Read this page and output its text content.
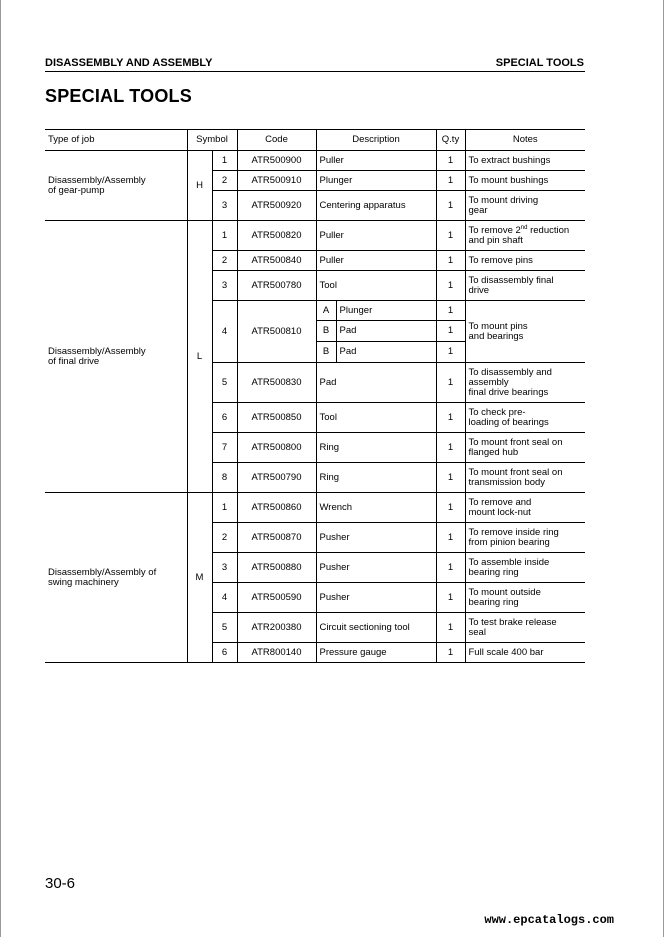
DISASSEMBLY AND ASSEMBLY	SPECIAL TOOLS
SPECIAL TOOLS
Type of job	Symbol		Code	Description		Q.ty	Notes
Disassembly/Assembly
of gear-pump	H	1	ATR500900	Puller		1	To extract bushings
		2	ATR500910	Plunger		1	To mount bushings
		3	ATR500920	Centering apparatus		1	To mount driving
gear
Disassembly/Assembly
of final drive	L	1	ATR500820	Puller		1	To remove 2nd reduction
and pin shaft
		2	ATR500840	Puller		1	To remove pins
		3	ATR500780	Tool		1	To disassembly final
drive
		4	ATR500810	A	Plunger	1	To mount pins
and bearings
				B	Pad	1	
				B	Pad	1	
		5	ATR500830	Pad		1	To disassembly and
assembly
final drive bearings
		6	ATR500850	Tool		1	To check pre-
loading of bearings
		7	ATR500800	Ring		1	To mount front seal on
flanged hub
		8	ATR500790	Ring		1	To mount front seal on
transmission body
Disassembly/Assembly of
swing machinery	M	1	ATR500860	Wrench		1	To remove and
mount lock-nut
		2	ATR500870	Pusher		1	To remove inside ring
from pinion bearing
		3	ATR500880	Pusher		1	To assemble inside
bearing ring
		4	ATR500590	Pusher		1	To mount outside
bearing ring
		5	ATR200380	Circuit sectioning tool		1	To test brake release
seal
		6	ATR800140	Pressure gauge		1	Full scale 400 bar
30-6
www.epcatalogs.com
